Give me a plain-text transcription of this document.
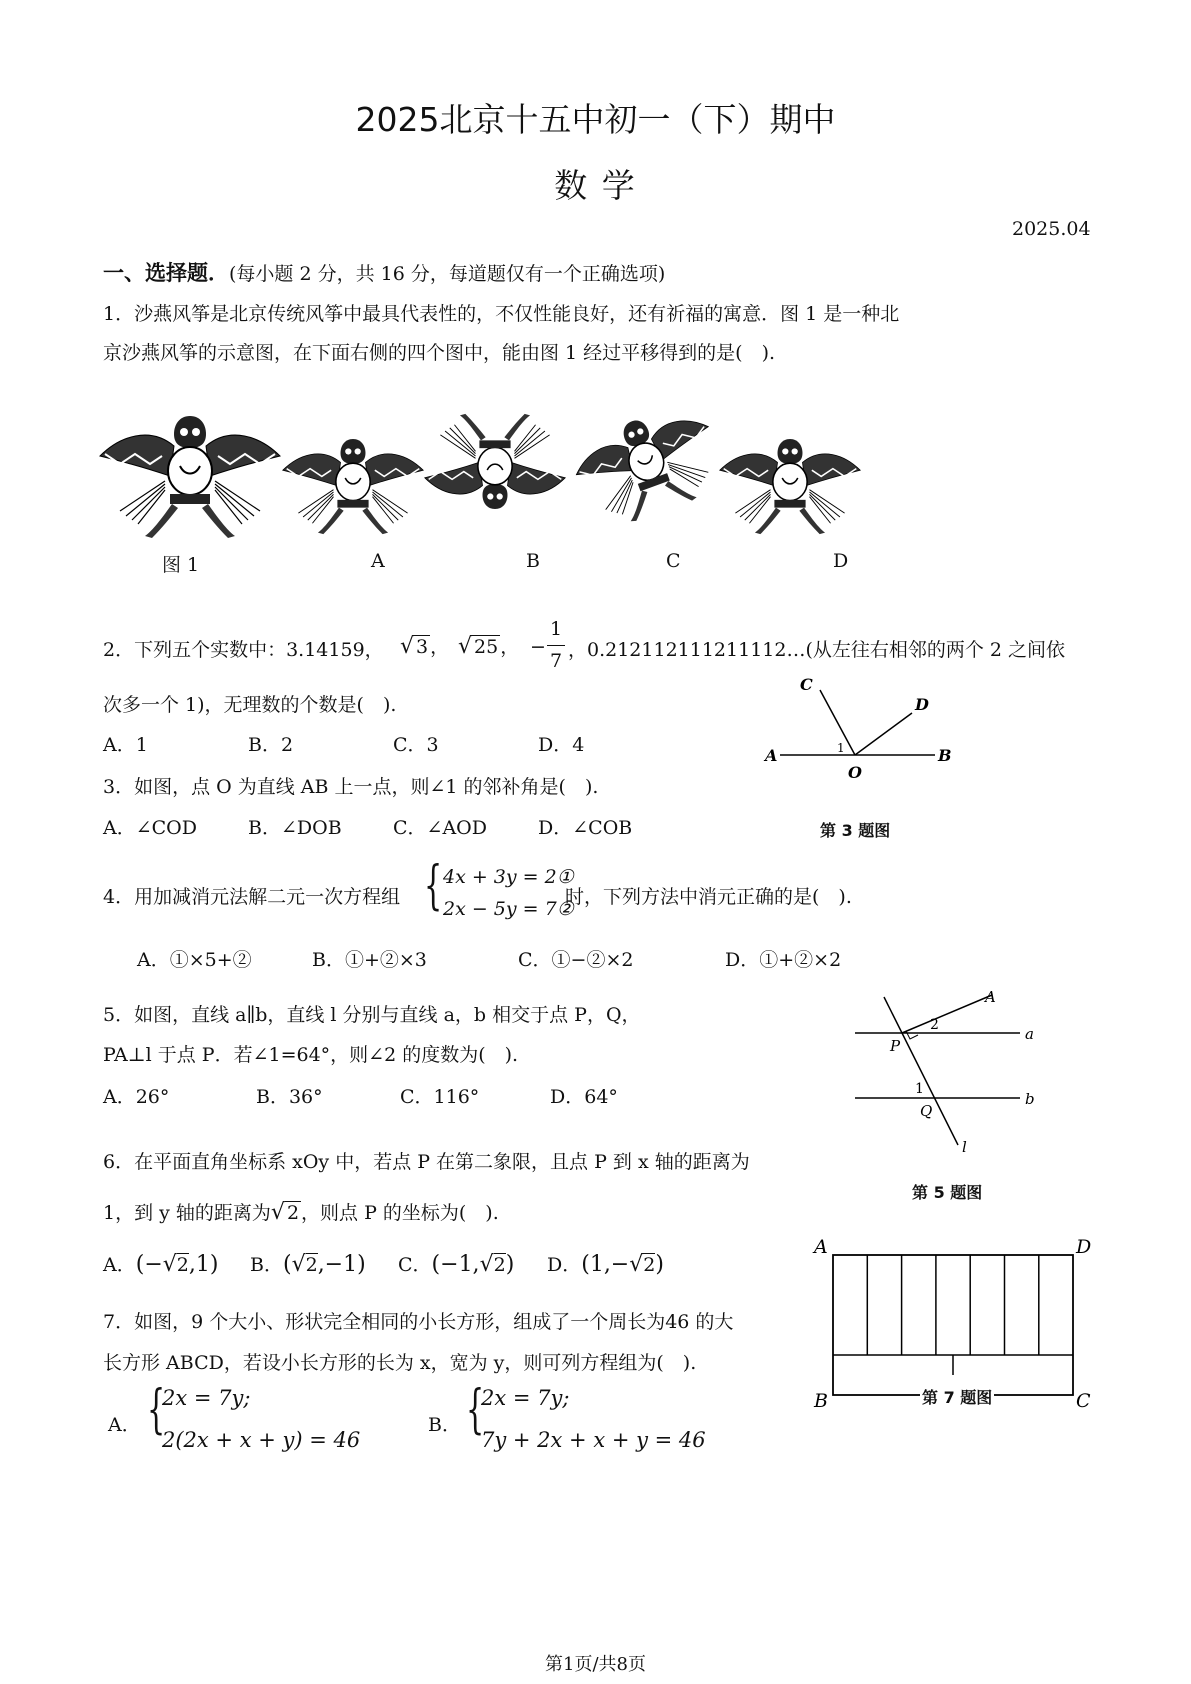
2025北京十五中初一（下）期中
数 学
2025.04
一、选择题．(每小题 2 分，共 16 分，每道题仅有一个正确选项)
1．沙燕风筝是北京传统风筝中最具代表性的，不仅性能良好，还有祈福的寓意．图 1 是一种北
京沙燕风筝的示意图，在下面右侧的四个图中，能由图 1 经过平移得到的是(　).
图 1	A	B	C	D
2．下列五个实数中：3.14159， √ 3 ， √ 25 ， −
1
7 ，0.212112111211112…(从左往右相邻的两个 2 之间依
次多一个 1)，无理数的个数是(　).
A．1	B．2	C．3	D．4	A	B
C
D
O
1
第 3 题图
3．如图，点 O 为直线 AB 上一点，则∠1 的邻补角是(　).
A．∠COD	B．∠DOB	C．∠AOD	D．∠COB
4．用加减消元法解二元一次方程组 { 4x + 3y = 2①
2x − 5y = 7②
时，下列方法中消元正确的是(　).
A．①×5+②	B．①+②×3	C．①−②×2	D．①+②×2
A
a
b
l
P
Q
1
2
第 5 题图
5．如图，直线 a∥b，直线 l 分别与直线 a，b 相交于点 P，Q，
PA⊥l 于点 P．若∠1=64°，则∠2 的度数为(　).
A．26°	B．36°	C．116°	D．64°
6．在平面直角坐标系 xOy 中，若点 P 在第二象限，且点 P 到 x 轴的距离为
1，到 y 轴的距离为√ 2 ，则点 P 的坐标为(　).
A．(−√2,1) B．(√2,−1) C．(−1,√2) D．(1,−√2)
A	D
B	C
第 7 题图
7．如图，9 个大小、形状完全相同的小长方形，组成了一个周长为46 的大
长方形 ABCD，若设小长方形的长为 x，宽为 y，则可列方程组为(　).
A． {
2x = 7y;
2(2x + x + y) = 46
B． {
2x = 7y;
7y + 2x + x + y = 46
第1页/共8页
